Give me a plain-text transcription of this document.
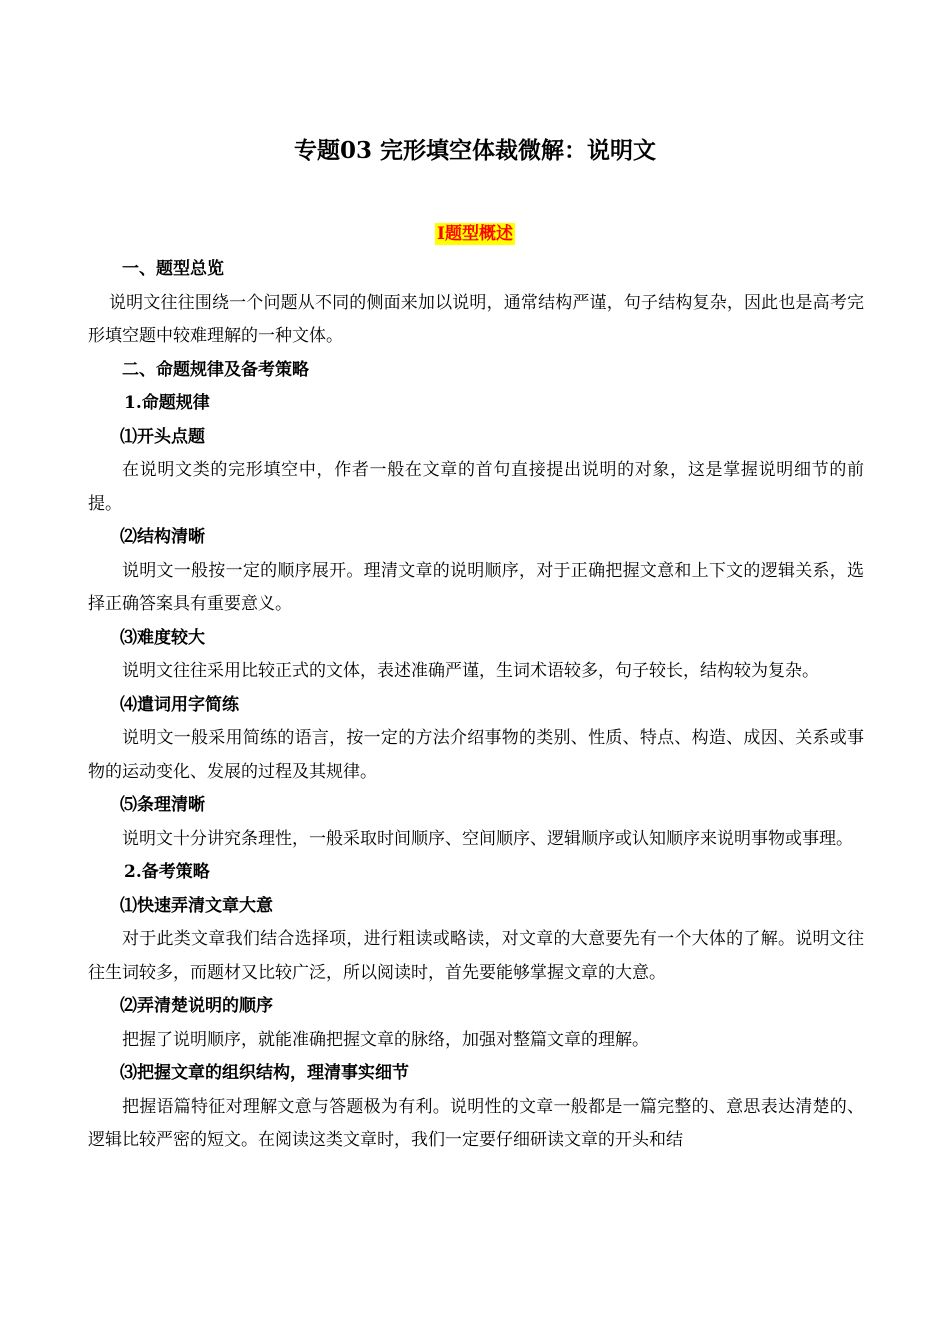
专题03 完形填空体裁微解：说明文
Ⅰ题型概述

一、题型总览

说明文往往围绕一个问题从不同的侧面来加以说明，通常结构严谨，句子结构复杂，因此也是高考完形填空题中较难理解的一种文体。

二、命题规律及备考策略

1.命题规律

⑴开头点题

在说明文类的完形填空中，作者一般在文章的首句直接提出说明的对象，这是掌握说明细节的前提。

⑵结构清晰

说明文一般按一定的顺序展开。理清文章的说明顺序，对于正确把握文意和上下文的逻辑关系，选择正确答案具有重要意义。

⑶难度较大

说明文往往采用比较正式的文体，表述准确严谨，生词术语较多，句子较长，结构较为复杂。

⑷遣词用字简练

说明文一般采用简练的语言，按一定的方法介绍事物的类别、性质、特点、构造、成因、关系或事物的运动变化、发展的过程及其规律。

⑸条理清晰

说明文十分讲究条理性，一般采取时间顺序、空间顺序、逻辑顺序或认知顺序来说明事物或事理。

2.备考策略

⑴快速弄清文章大意

对于此类文章我们结合选择项，进行粗读或略读，对文章的大意要先有一个大体的了解。说明文往往生词较多，而题材又比较广泛，所以阅读时，首先要能够掌握文章的大意。

⑵弄清楚说明的顺序

把握了说明顺序，就能准确把握文章的脉络，加强对整篇文章的理解。

⑶把握文章的组织结构，理清事实细节

把握语篇特征对理解文意与答题极为有利。说明性的文章一般都是一篇完整的、意思表达清楚的、逻辑比较严密的短文。在阅读这类文章时，我们一定要仔细研读文章的开头和结
